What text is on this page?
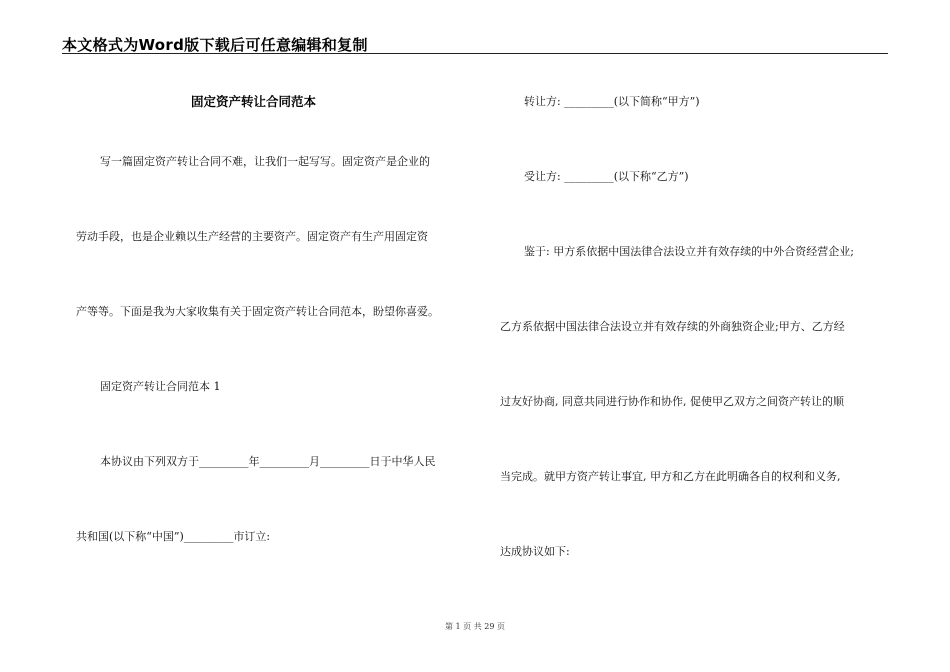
本文格式为Word版下载后可任意编辑和复制
固定资产转让合同范本
写一篇固定资产转让合同不难，让我们一起写写。固定资产是企业的
劳动手段，也是企业赖以生产经营的主要资产。固定资产有生产用固定资
产等等。下面是我为大家收集有关于固定资产转让合同范本，盼望你喜爱。
固定资产转让合同范本 1
本协议由下列双方于_________年_________月_________日于中华人民
共和国(以下称“中国”)_________市订立:
转让方: _________(以下简称“甲方”)
受让方: _________(以下称“乙方”)
鉴于: 甲方系依据中国法律合法设立并有效存续的中外合资经营企业;
乙方系依据中国法律合法设立并有效存续的外商独资企业;甲方、乙方经
过友好协商, 同意共同进行协作和协作, 促使甲乙双方之间资产转让的顺
当完成。就甲方资产转让事宜, 甲方和乙方在此明确各自的权利和义务,
达成协议如下:
第 1 页 共 29 页
